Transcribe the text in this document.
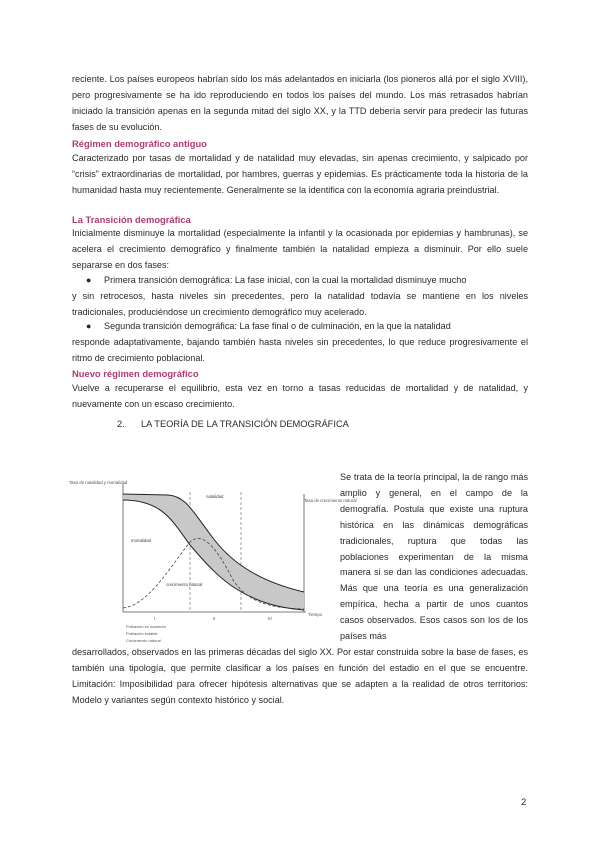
reciente. Los países europeos habrían sido los más adelantados en iniciarla (los pioneros allá por el siglo XVIII), pero progresivamente se ha ido reproduciendo en todos los países del mundo. Los más retrasados habrían iniciado la transición apenas en la segunda mitad del siglo XX, y la TTD debería servir para predecir las futuras fases de su evolución.

Régimen demográfico antiguo

Caracterizado por tasas de mortalidad y de natalidad muy elevadas, sin apenas crecimiento, y salpicado por “crisis” extraordinarias de mortalidad, por hambres, guerras y epidemias. Es prácticamente toda la historia de la humanidad hasta muy recientemente. Generalmente se la identifica con la economía agraria preindustrial.

La Transición demográfica

Inicialmente disminuye la mortalidad (especialmente la infantil y la ocasionada por epidemias y hambrunas), se acelera el crecimiento demográfico y finalmente también la natalidad empieza a disminuir. Por ello suele separarse en dos fases:

● Primera transición demográfica: La fase inicial, con la cual la mortalidad disminuye mucho

y sin retrocesos, hasta niveles sin precedentes, pero la natalidad todavía se mantiene en los niveles tradicionales, produciéndose un crecimiento demográfico muy acelerado.

● Segunda transición demográfica: La fase final o de culminación, en la que la natalidad

responde adaptativamente, bajando también hasta niveles sin precedentes, lo que reduce progresivamente el ritmo de crecimiento poblacional.

Nuevo régimen demográfico

Vuelve a recuperarse el equilibrio, esta vez en torno a tasas reducidas de mortalidad y de natalidad, y nuevamente con un escaso crecimiento.

2. LA TEORÍA DE LA TRANSICIÓN DEMOGRÁFICA

Tasa de natalidad y mortalidad
Tasa de crecimiento natural
natalidad
mortalidad
crecimiento natural
I	II	III
Tiempo
Población en aumento
Población estable
Crecimiento natural

Se trata de la teoría principal, la de rango más amplio y general, en el campo de la demografía. Postula que existe una ruptura histórica en las dinámicas demográficas tradicionales, ruptura que todas las poblaciones experimentan de la misma manera si se dan las condiciones adecuadas. Más que una teoría es una generalización empírica, hecha a partir de unos cuantos casos observados. Esos casos son los de los países más

desarrollados, observados en las primeras décadas del siglo XX. Por estar construida sobre la base de fases, es también una tipología, que permite clasificar a los países en función del estadio en el que se encuentre. Limitación: Imposibilidad para ofrecer hipótesis alternativas que se adapten a la realidad de otros territorios: Modelo y variantes según contexto histórico y social.

2
